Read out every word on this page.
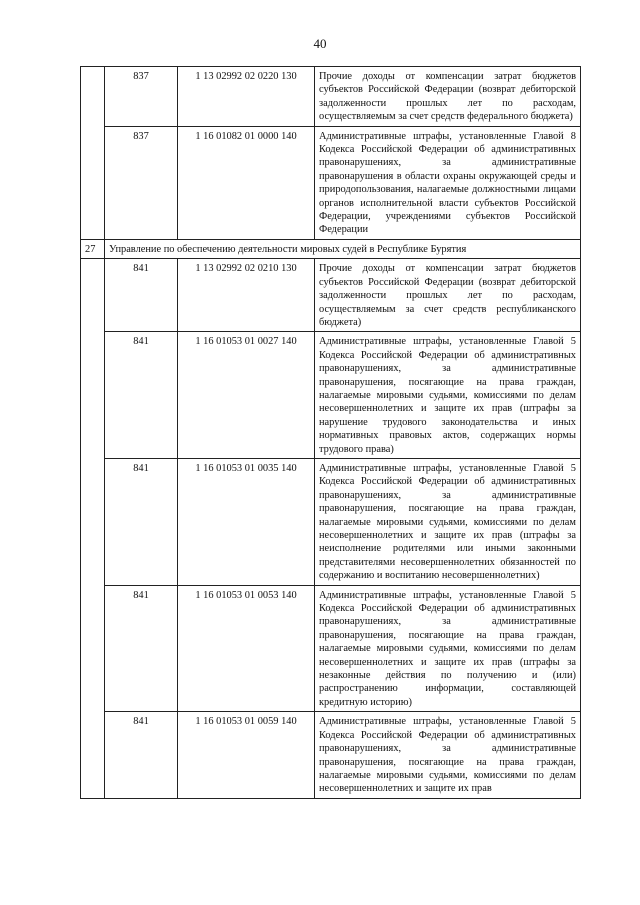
40
	837	1 13 02992 02 0220 130	Прочие доходы от компенсации затрат бюджетов субъектов Российской Федерации (возврат дебиторской задолженности прошлых лет по расходам, осуществляемым за счет средств федерального бюджета)
	837	1 16 01082 01 0000 140	Административные штрафы, установленные Главой 8 Кодекса Российской Федерации об административных правонарушениях, за административные правонарушения в области охраны окружающей среды и природопользования, налагаемые должностными лицами органов исполнительной власти субъектов Российской Федерации, учреждениями субъектов Российской Федерации
27	Управление по обеспечению деятельности мировых судей в Республике Бурятия		
	841	1 13 02992 02 0210 130	Прочие доходы от компенсации затрат бюджетов субъектов Российской Федерации (возврат дебиторской задолженности прошлых лет по расходам, осуществляемым за счет средств республиканского бюджета)
	841	1 16 01053 01 0027 140	Административные штрафы, установленные Главой 5 Кодекса Российской Федерации об административных правонарушениях, за административные правонарушения, посягающие на права граждан, налагаемые мировыми судьями, комиссиями по делам несовершеннолетних и защите их прав (штрафы за нарушение трудового законодательства и иных нормативных правовых актов, содержащих нормы трудового права)
	841	1 16 01053 01 0035 140	Административные штрафы, установленные Главой 5 Кодекса Российской Федерации об административных правонарушениях, за административные правонарушения, посягающие на права граждан, налагаемые мировыми судьями, комиссиями по делам несовершеннолетних и защите их прав (штрафы за неисполнение родителями или иными законными представителями несовершеннолетних обязанностей по содержанию и воспитанию несовершеннолетних)
	841	1 16 01053 01 0053 140	Административные штрафы, установленные Главой 5 Кодекса Российской Федерации об административных правонарушениях, за административные правонарушения, посягающие на права граждан, налагаемые мировыми судьями, комиссиями по делам несовершеннолетних и защите их прав (штрафы за незаконные действия по получению и (или) распространению информации, составляющей кредитную историю)
	841	1 16 01053 01 0059 140	Административные штрафы, установленные Главой 5 Кодекса Российской Федерации об административных правонарушениях, за административные правонарушения, посягающие на права граждан, налагаемые мировыми судьями, комиссиями по делам несовершеннолетних и защите их прав
